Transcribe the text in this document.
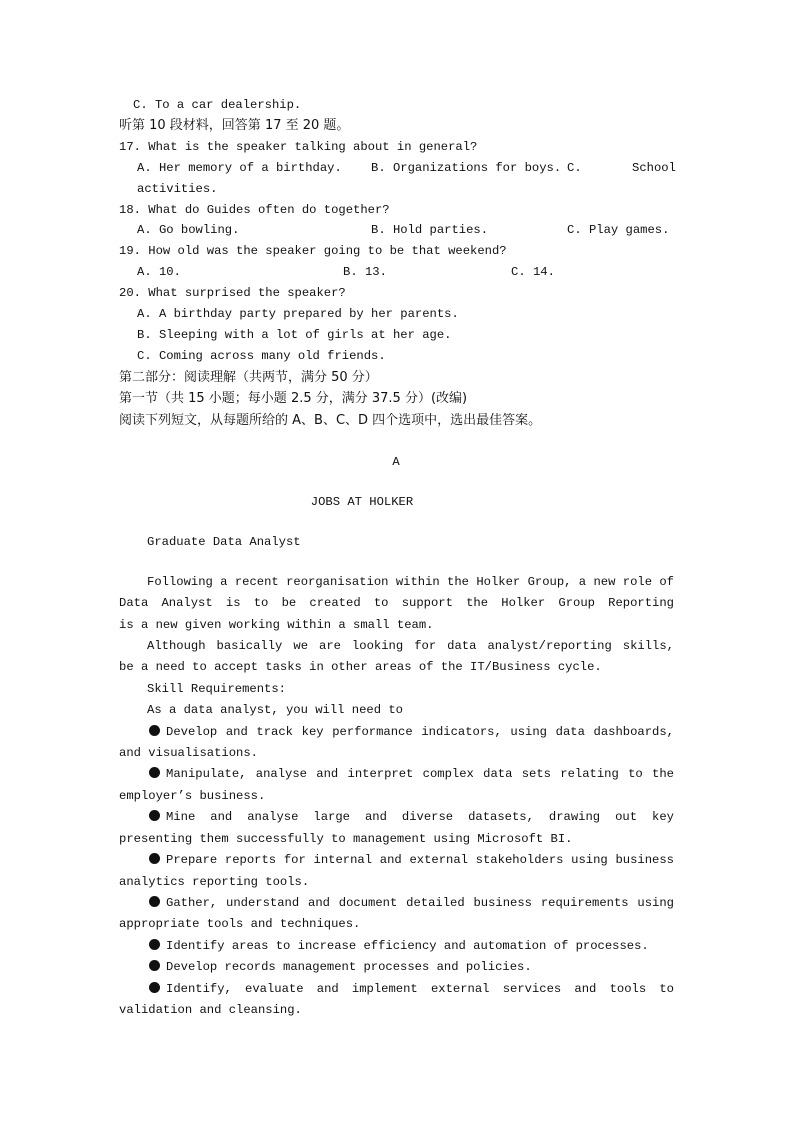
C. To a car dealership.
听第 10 段材料，回答第 17 至 20 题。
17. What is the speaker talking about in general?
A. Her memory of a birthday. B. Organizations for boys. C.	School
activities.
18. What do Guides often do together?
A. Go bowling.	B. Hold parties.	C. Play games.
19. How old was the speaker going to be that weekend?
A. 10.	B. 13.	C. 14.
20. What surprised the speaker?
A. A birthday party prepared by her parents.
B. Sleeping with a lot of girls at her age.
C. Coming across many old friends.
第二部分：阅读理解（共两节，满分 50 分）
第一节（共 15 小题；每小题 2.5 分，满分 37.5 分）(改编)
阅读下列短文，从每题所给的 A、B、C、D 四个选项中，选出最佳答案。
A
JOBS AT HOLKER
Graduate Data Analyst
Following a recent reorganisation within the Holker Group, a new role of
Data Analyst is to be created to support the Holker Group Reporting
is a new given working within a small team.
Although basically we are looking for data analyst/reporting skills,
be a need to accept tasks in other areas of the IT/Business cycle.
Skill Requirements:
As a data analyst, you will need to
Develop and track key performance indicators, using data dashboards,
and visualisations.
Manipulate, analyse and interpret complex data sets relating to the
employer’s business.
Mine and analyse large and diverse datasets, drawing out key
presenting them successfully to management using Microsoft BI.
Prepare reports for internal and external stakeholders using business
analytics reporting tools.
Gather, understand and document detailed business requirements using
appropriate tools and techniques.
Identify areas to increase efficiency and automation of processes.
Develop records management processes and policies.
Identify, evaluate and implement external services and tools to
validation and cleansing.
